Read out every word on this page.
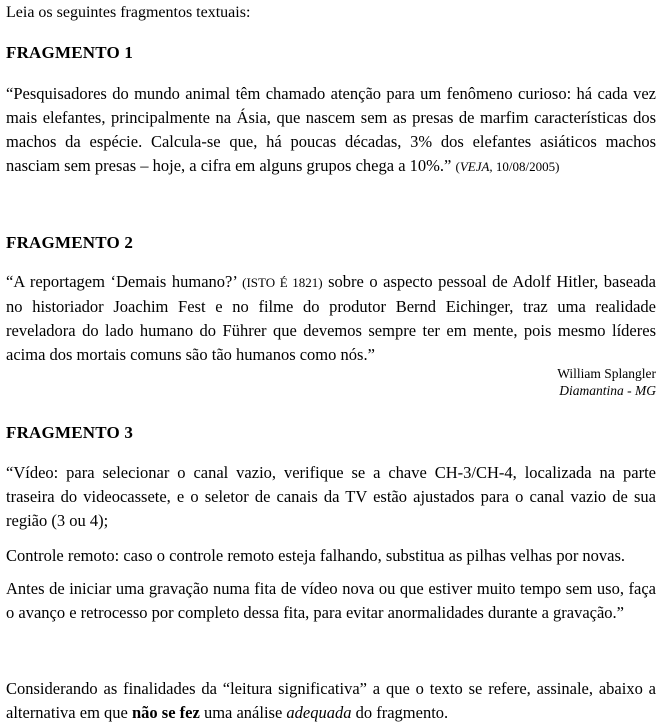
Leia os seguintes fragmentos textuais:
FRAGMENTO 1
“Pesquisadores do mundo animal têm chamado atenção para um fenômeno curioso: há cada vez mais elefantes, principalmente na Ásia, que nascem sem as presas de marfim características dos machos da espécie. Calcula-se que, há poucas décadas, 3% dos elefantes asiáticos machos nasciam sem presas – hoje, a cifra em alguns grupos chega a 10%.” (VEJA, 10/08/2005)
FRAGMENTO 2
“A reportagem ‘Demais humano?’ (ISTO É 1821) sobre o aspecto pessoal de Adolf Hitler, baseada no historiador Joachim Fest e no filme do produtor Bernd Eichinger, traz uma realidade reveladora do lado humano do Führer que devemos sempre ter em mente, pois mesmo líderes acima dos mortais comuns são tão humanos como nós.”
William Splangler
Diamantina - MG
FRAGMENTO 3
“Vídeo: para selecionar o canal vazio, verifique se a chave CH-3/CH-4, localizada na parte traseira do videocassete, e o seletor de canais da TV estão ajustados para o canal vazio de sua região (3 ou 4);
Controle remoto: caso o controle remoto esteja falhando, substitua as pilhas velhas por novas.
Antes de iniciar uma gravação numa fita de vídeo nova ou que estiver muito tempo sem uso, faça o avanço e retrocesso por completo dessa fita, para evitar anormalidades durante a gravação.”
Considerando as finalidades da “leitura significativa” a que o texto se refere, assinale, abaixo a alternativa em que não se fez uma análise adequada do fragmento.
